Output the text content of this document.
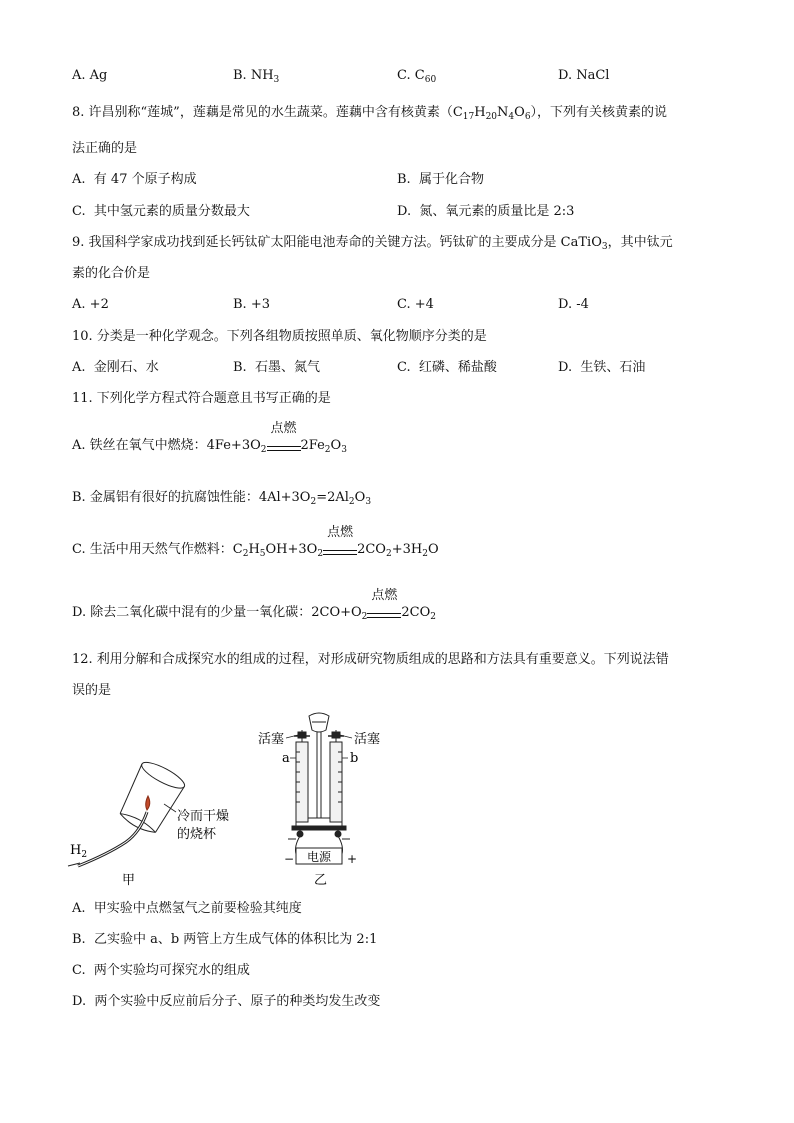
A. Ag	B. $NH_3$	C. $C_{60}$	D. NaCl
8. 许昌别称“莲城”，莲藕是常见的水生蔬菜。莲藕中含有核黄素$(C_{17}H_{20}N_4O_6)$，下列有关核黄素的说
法正确的是
A. 有 47 个原子构成	B. 属于化合物
C. 其中氢元素的质量分数最大	D. 氮、氧元素的质量比是 2:3
9. 我国科学家成功找到延长钙钛矿太阳能电池寿命的关键方法。钙钛矿的主要成分是 CaTiO$_3$，其中钛元
素的化合价是
A. +2	B. +3	C. +4	D. -4
10. 分类是一种化学观念。下列各组物质按照单质、氧化物顺序分类的是
A. 金刚石、水	B. 石墨、氮气	C. 红磷、稀盐酸	D. 生铁、石油
11. 下列化学方程式符合题意且书写正确的是
A. 铁丝在氧气中燃烧：$4Fe+3O_2$
点燃
$2Fe_2O_3$
B. 金属铝有很好的抗腐蚀性能：$4Al+3O_2=2Al_2O_3$
C. 生活中用天然气作燃料：$C_2H_5OH+3O_2$
点燃
$2CO_2+3H_2O$
D. 除去二氧化碳中混有的少量一氧化碳：$2CO+O_2$
点燃
$2CO_2$
12. 利用分解和合成探究水的组成的过程，对形成研究物质组成的思路和方法具有重要意义。下列说法错
误的是
$H_2$
冷而干燥
的烧杯
甲
电源
−	+
活塞	活塞
a	b
乙
A. 甲实验中点燃氢气之前要检验其纯度
B. 乙实验中 a、b 两管上方生成气体的体积比为 2:1
C. 两个实验均可探究水的组成
D. 两个实验中反应前后分子、原子的种类均发生改变
